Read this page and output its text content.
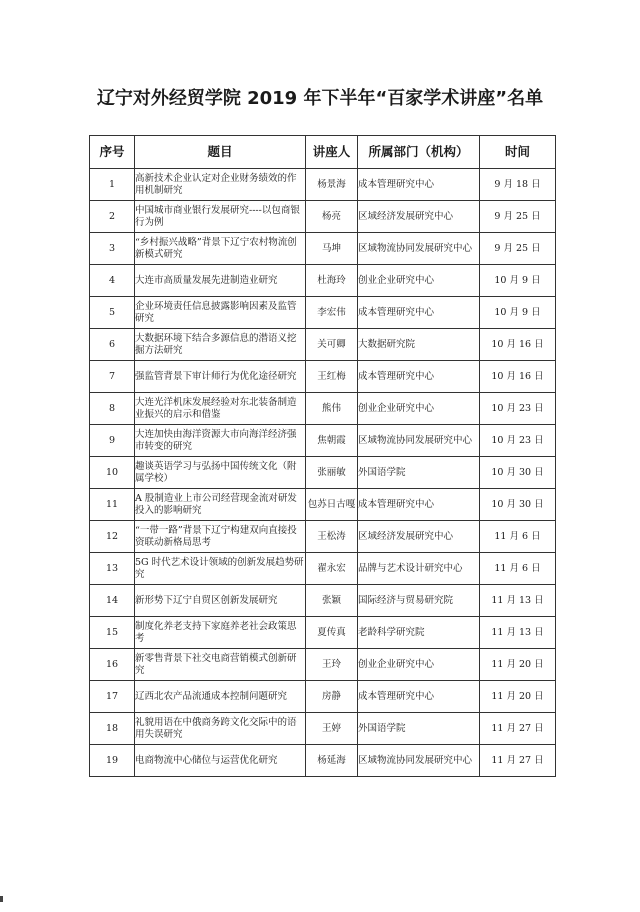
辽宁对外经贸学院 2019 年下半年“百家学术讲座”名单
序号	题目	讲座人	所属部门（机构）	时间
1	高新技术企业认定对企业财务绩效的作用机制研究	杨景海	成本管理研究中心	9 月 18 日
2	中国城市商业银行发展研究----以包商银行为例	杨亮	区域经济发展研究中心	9 月 25 日
3	“乡村振兴战略”背景下辽宁农村物流创新模式研究	马坤	区域物流协同发展研究中心	9 月 25 日
4	大连市高质量发展先进制造业研究	杜海玲	创业企业研究中心	10 月 9 日
5	企业环境责任信息披露影响因素及监管研究	李宏伟	成本管理研究中心	10 月 9 日
6	大数据环境下结合多源信息的潜语义挖掘方法研究	关可卿	大数据研究院	10 月 16 日
7	强监管背景下审计师行为优化途径研究	王红梅	成本管理研究中心	10 月 16 日
8	大连光洋机床发展经验对东北装备制造业振兴的启示和借鉴	熊伟	创业企业研究中心	10 月 23 日
9	大连加快由海洋资源大市向海洋经济强市转变的研究	焦朝霞	区域物流协同发展研究中心	10 月 23 日
10	趣谈英语学习与弘扬中国传统文化（附属学校）	张丽敏	外国语学院	10 月 30 日
11	A 股制造业上市公司经营现金流对研发投入的影响研究	包苏日古嘎	成本管理研究中心	10 月 30 日
12	“一带一路”背景下辽宁构建双向直接投资联动新格局思考	王松涛	区域经济发展研究中心	11 月 6 日
13	5G 时代艺术设计领域的创新发展趋势研究	翟永宏	品牌与艺术设计研究中心	11 月 6 日
14	新形势下辽宁自贸区创新发展研究	张颖	国际经济与贸易研究院	11 月 13 日
15	制度化养老支持下家庭养老社会政策思考	夏传真	老龄科学研究院	11 月 13 日
16	新零售背景下社交电商营销模式创新研究	王玲	创业企业研究中心	11 月 20 日
17	辽西北农产品流通成本控制问题研究	房静	成本管理研究中心	11 月 20 日
18	礼貌用语在中俄商务跨文化交际中的语用失误研究	王婷	外国语学院	11 月 27 日
19	电商物流中心储位与运营优化研究	杨延海	区域物流协同发展研究中心	11 月 27 日
